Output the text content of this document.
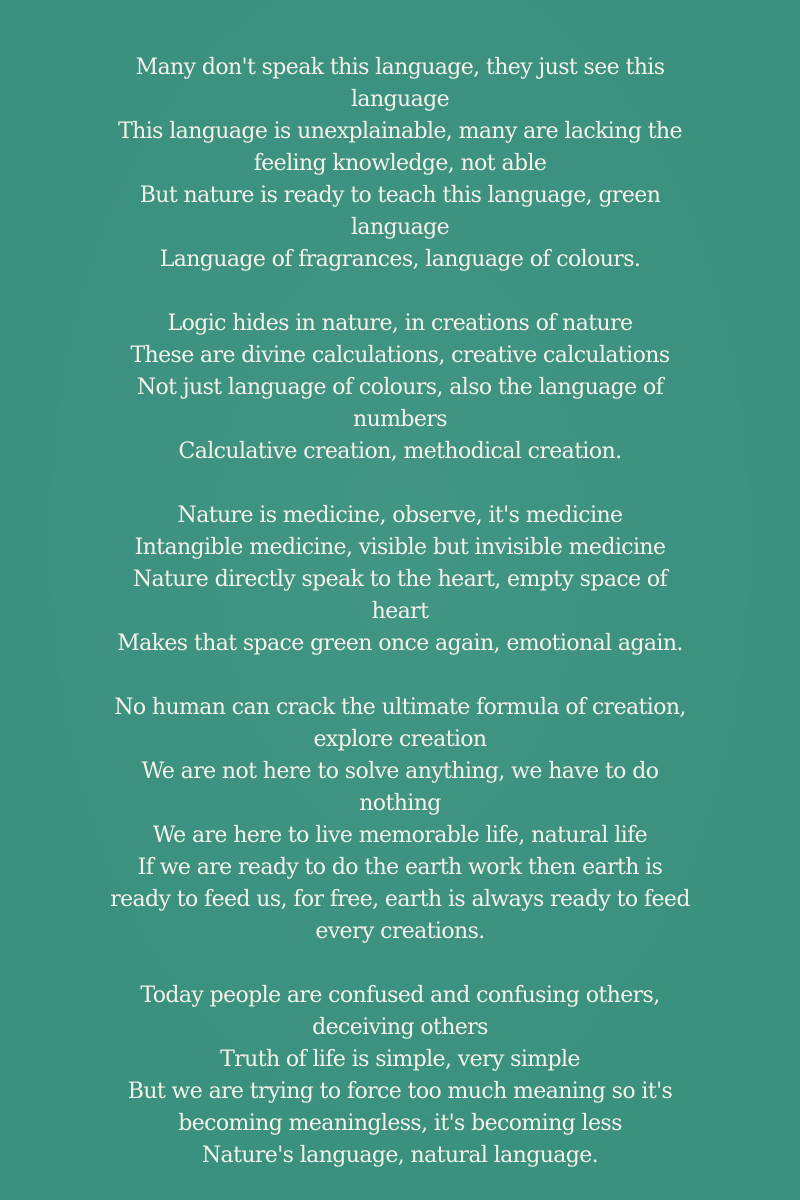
Many don't speak this language, they just see this language
This language is unexplainable, many are lacking the feeling knowledge, not able
But nature is ready to teach this language, green language
Language of fragrances, language of colours.
Logic hides in nature, in creations of nature
These are divine calculations, creative calculations
Not just language of colours, also the language of numbers
Calculative creation, methodical creation.
Nature is medicine, observe, it's medicine
Intangible medicine, visible but invisible medicine
Nature directly speak to the heart, empty space of heart
Makes that space green once again, emotional again.
No human can crack the ultimate formula of creation, explore creation
We are not here to solve anything, we have to do nothing
We are here to live memorable life, natural life
If we are ready to do the earth work then earth is ready to feed us, for free, earth is always ready to feed every creations.
Today people are confused and confusing others, deceiving others
Truth of life is simple, very simple
But we are trying to force too much meaning so it's becoming meaningless, it's becoming less
Nature's language, natural language.
